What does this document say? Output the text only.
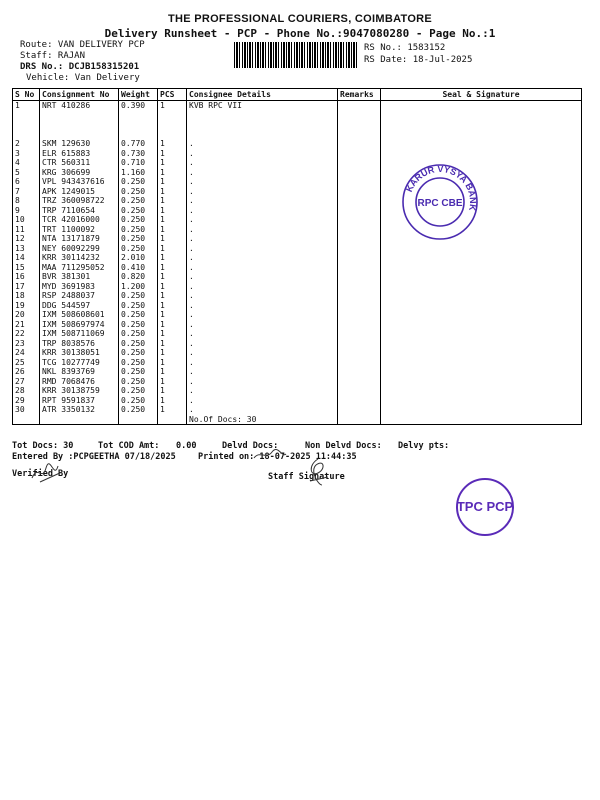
THE PROFESSIONAL COURIERS, COIMBATORE
Delivery Runsheet - PCP - Phone No.:9047080280 - Page No.:1
Route: VAN DELIVERY PCP
Staff: RAJAN
DRS No.: DCJB158315201
Vehicle: Van Delivery
RS No.: 1583152
RS Date: 18-Jul-2025
S No	Consignment No	Weight	PCS	Consignee Details	Remarks	Seal & Signature
1	NRT 410286	0.390	1	KVB RPC VII		
2	SKM 129630	0.770	1	.		
3	ELR 615883	0.730	1	.		
4	CTR 560311	0.710	1	.		
5	KRG 306699	1.160	1	.		
6	VPL 943437616	0.250	1	.		
7	APK 1249015	0.250	1	.		
8	TRZ 360098722	0.250	1	.		
9	TRP 7110654	0.250	1	.		
10	TCR 42016000	0.250	1	.		
11	TRT 1100092	0.250	1	.		
12	NTA 13171879	0.250	1	.		
13	NEY 60092299	0.250	1	.		
14	KRR 30114232	2.010	1	.		
15	MAA 711295052	0.410	1	.		
16	BVR 381301	0.820	1	.		
17	MYD 3691983	1.200	1	.		
18	RSP 2488037	0.250	1	.		
19	DDG 544597	0.250	1	.		
20	IXM 508608601	0.250	1	.		
21	IXM 508697974	0.250	1	.		
22	IXM 508711069	0.250	1	.		
23	TRP 8038576	0.250	1	.		
24	KRR 30138051	0.250	1	.		
25	TCG 10277749	0.250	1	.		
26	NKL 8393769	0.250	1	.		
27	RMD 7068476	0.250	1	.		
28	KRR 30138759	0.250	1	.		
29	RPT 9591837	0.250	1	.		
30	ATR 3350132	0.250	1	.		
				No.Of Docs: 30		
Tot Docs: 30	Tot COD Amt: 0.00	Delvd Docs:	Non Delvd Docs: Delvy pts:
Entered By :PCPGEETHA 07/18/2025	Printed on: 18-07-2025 11:44:35
Verified By	Staff Signature
KARUR VYSYA BANK
RPC CBE
TPC PCP
